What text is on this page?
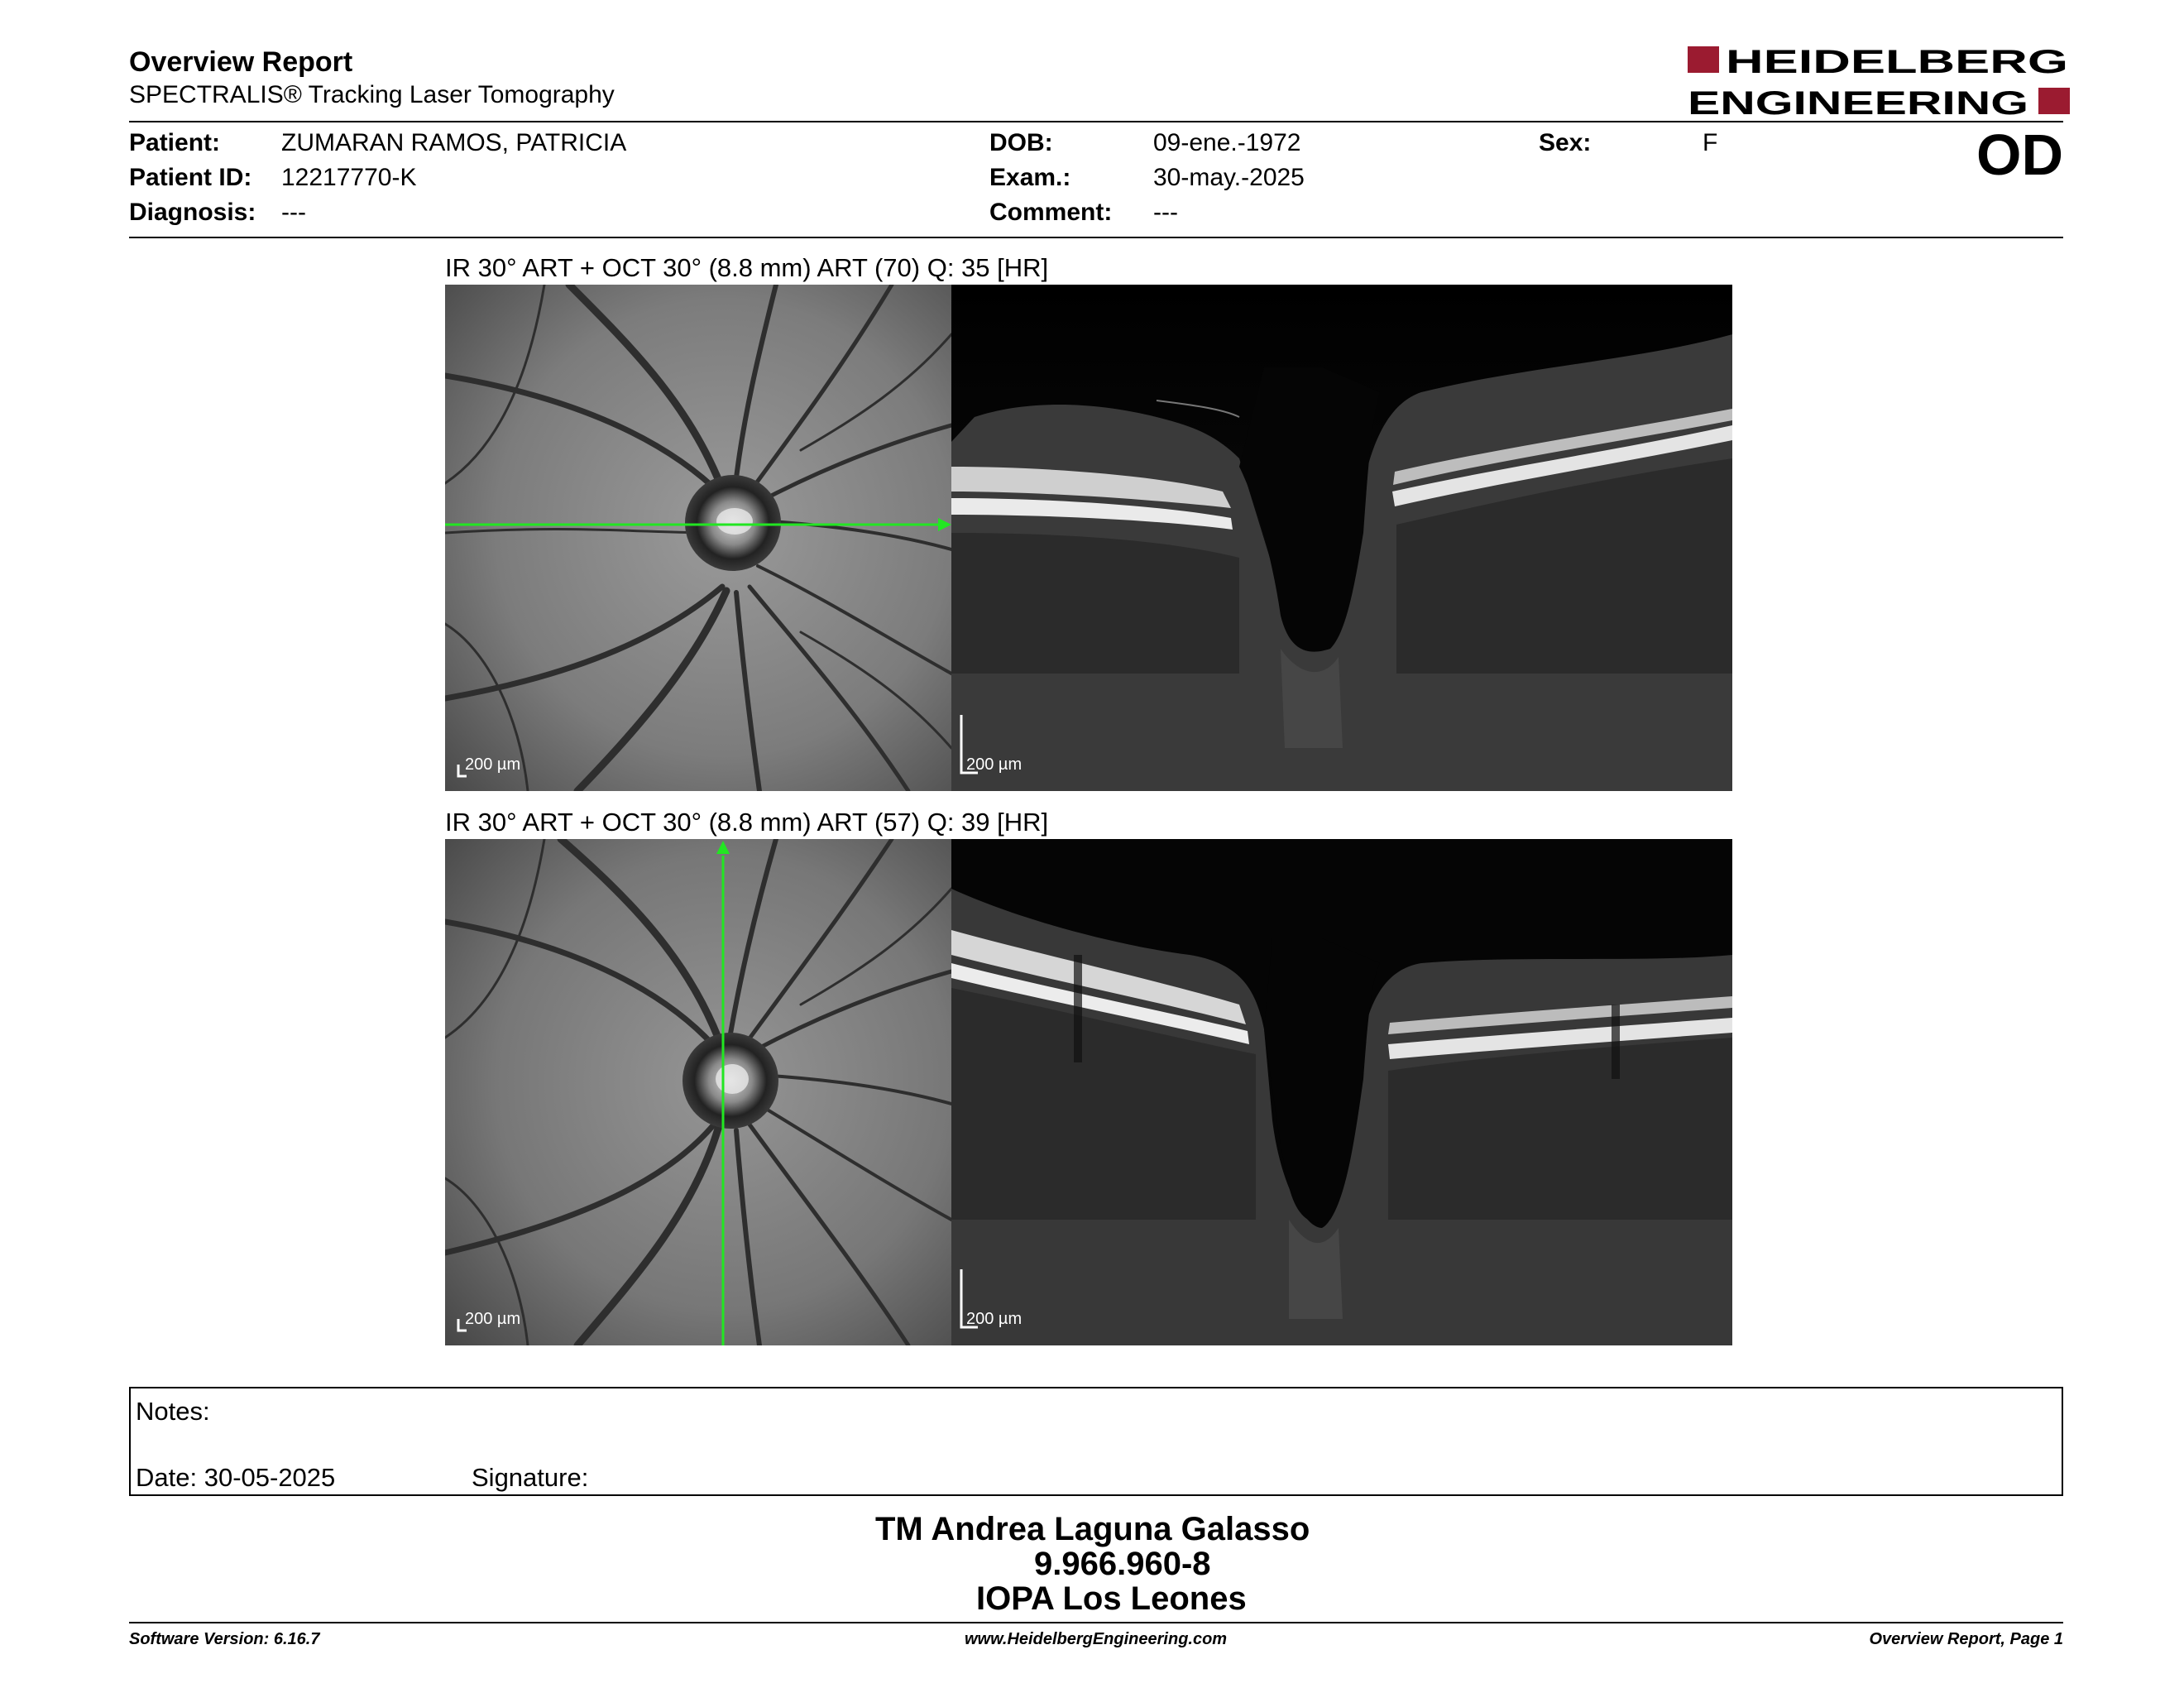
Overview Report
SPECTRALIS® Tracking Laser Tomography
HEIDELBERG
ENGINEERING
Patient: ZUMARAN RAMOS, PATRICIA
Patient ID: 12217770-K
Diagnosis: ---
DOB:	09-ene.-1972
Exam.:	30-may.-2025
Comment: ---
Sex:	F	OD
IR 30° ART + OCT 30° (8.8 mm) ART (70) Q: 35 [HR]
200 µm	200 µm
IR 30° ART + OCT 30° (8.8 mm) ART (57) Q: 39 [HR]
200 µm	200 µm
Notes:
Date: 30-05-2025	Signature:
TM Andrea Laguna Galasso
9.966.960-8
IOPA Los Leones
Software Version: 6.16.7	www.HeidelbergEngineering.com	Overview Report, Page 1
